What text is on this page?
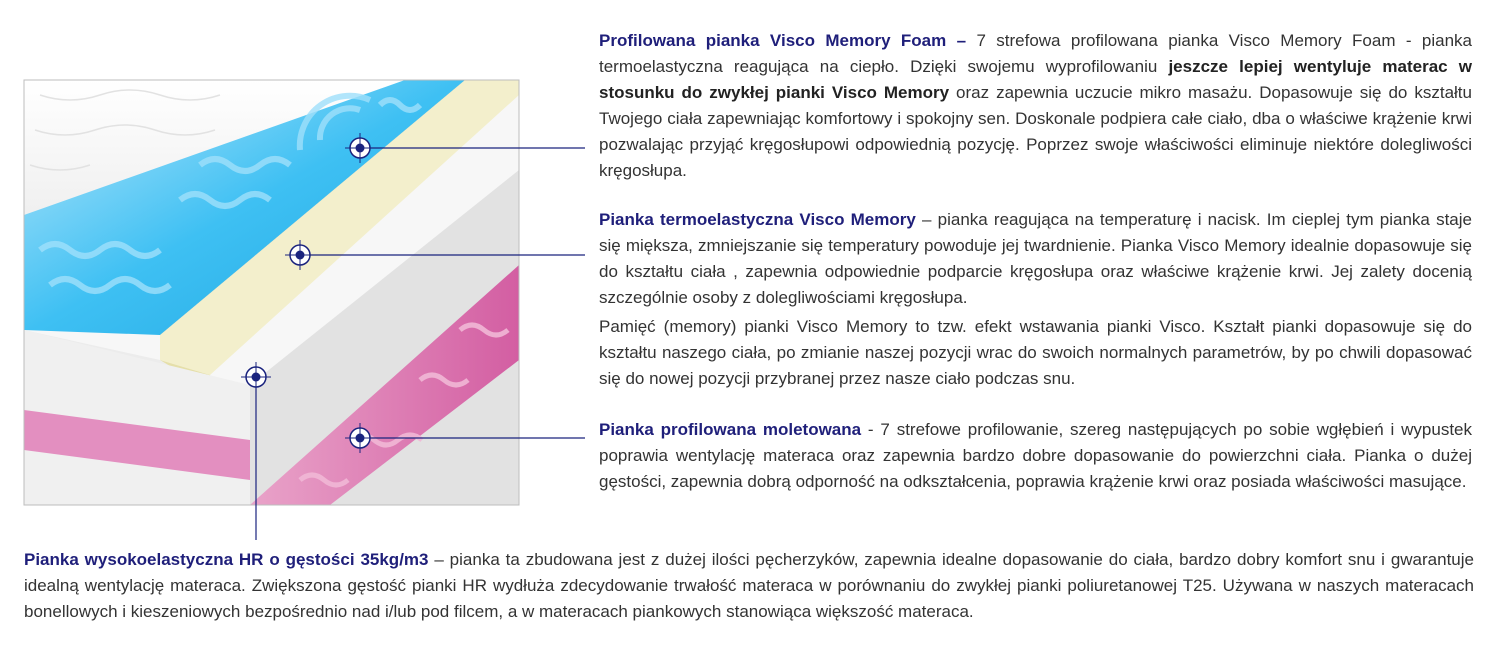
Profilowana pianka Visco Memory Foam – 7 strefowa profilowana pianka Visco Memory Foam - pianka termoelastyczna reagująca na ciepło. Dzięki swojemu wyprofilowaniu jeszcze lepiej wentyluje materac w stosunku do zwykłej pianki Visco Memory oraz zapewnia uczucie mikro masażu. Dopasowuje się do kształtu Twojego ciała zapewniając komfortowy i spokojny sen. Doskonale podpiera całe ciało, dba o właściwe krążenie krwi pozwalając przyjąć kręgosłupowi odpowiednią pozycję. Poprzez swoje właściwości eliminuje niektóre dolegliwości kręgosłupa.

Pianka termoelastyczna Visco Memory – pianka reagująca na temperaturę i nacisk. Im cieplej tym pianka staje się miększa, zmniejszanie się temperatury powoduje jej twardnienie. Pianka Visco Memory idealnie dopasowuje się do kształtu ciała , zapewnia odpowiednie podparcie kręgosłupa oraz właściwe krążenie krwi. Jej zalety docenią szczególnie osoby z dolegliwościami kręgosłupa.

Pamięć (memory) pianki Visco Memory to tzw. efekt wstawania pianki Visco. Kształt pianki dopasowuje się do kształtu naszego ciała, po zmianie naszej pozycji wrac do swoich normalnych parametrów, by po chwili dopasować się do nowej pozycji przybranej przez nasze ciało podczas snu.

Pianka profilowana moletowana - 7 strefowe profilowanie, szereg następujących po sobie wgłębień i wypustek poprawia wentylację materaca oraz zapewnia bardzo dobre dopasowanie do powierzchni ciała. Pianka o dużej gęstości, zapewnia dobrą odporność na odkształcenia, poprawia krążenie krwi oraz posiada właściwości masujące.

Pianka wysokoelastyczna HR o gęstości 35kg/m3 – pianka ta zbudowana jest z dużej ilości pęcherzyków, zapewnia idealne dopasowanie do ciała, bardzo dobry komfort snu i gwarantuje idealną wentylację materaca. Zwiększona gęstość pianki HR wydłuża zdecydowanie trwałość materaca w porównaniu do zwykłej pianki poliuretanowej T25. Używana w naszych materacach bonellowych i kieszeniowych bezpośrednio nad i/lub pod filcem, a w materacach piankowych stanowiąca większość materaca.
